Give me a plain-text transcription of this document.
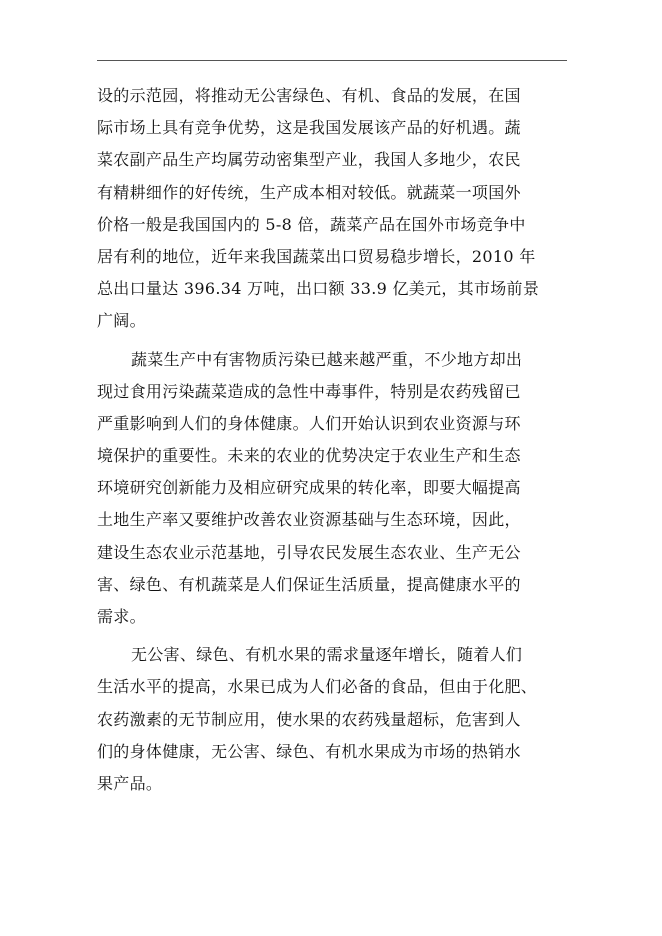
设的示范园，将推动无公害绿色、有机、食品的发展，在国
际市场上具有竞争优势，这是我国发展该产品的好机遇。蔬
菜农副产品生产均属劳动密集型产业，我国人多地少，农民
有精耕细作的好传统，生产成本相对较低。就蔬菜一项国外
价格一般是我国国内的 5-8 倍，蔬菜产品在国外市场竞争中
居有利的地位，近年来我国蔬菜出口贸易稳步增长，2010 年
总出口量达 396.34 万吨，出口额 33.9 亿美元，其市场前景
广阔。
蔬菜生产中有害物质污染已越来越严重，不少地方却出
现过食用污染蔬菜造成的急性中毒事件，特别是农药残留已
严重影响到人们的身体健康。人们开始认识到农业资源与环
境保护的重要性。未来的农业的优势决定于农业生产和生态
环境研究创新能力及相应研究成果的转化率，即要大幅提高
土地生产率又要维护改善农业资源基础与生态环境，因此，
建设生态农业示范基地，引导农民发展生态农业、生产无公
害、绿色、有机蔬菜是人们保证生活质量，提高健康水平的
需求。
无公害、绿色、有机水果的需求量逐年增长，随着人们
生活水平的提高，水果已成为人们必备的食品，但由于化肥、
农药激素的无节制应用，使水果的农药残量超标，危害到人
们的身体健康，无公害、绿色、有机水果成为市场的热销水
果产品。
